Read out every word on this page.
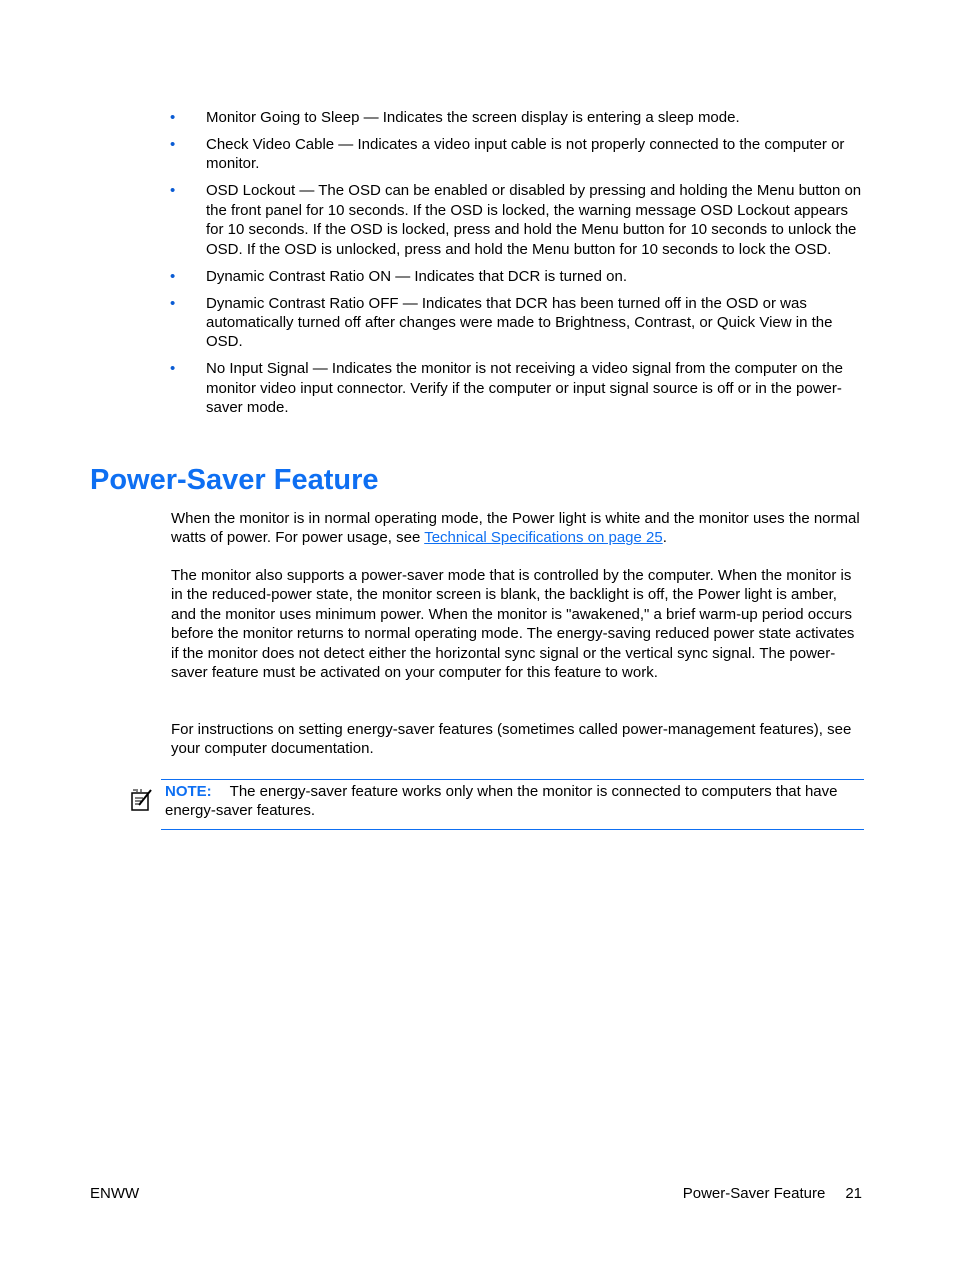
• Monitor Going to Sleep — Indicates the screen display is entering a sleep mode.
• Check Video Cable — Indicates a video input cable is not properly connected to the computer or monitor.
• OSD Lockout — The OSD can be enabled or disabled by pressing and holding the Menu button on the front panel for 10 seconds. If the OSD is locked, the warning message OSD Lockout appears for 10 seconds. If the OSD is locked, press and hold the Menu button for 10 seconds to unlock the OSD. If the OSD is unlocked, press and hold the Menu button for 10 seconds to lock the OSD.
• Dynamic Contrast Ratio ON — Indicates that DCR is turned on.
• Dynamic Contrast Ratio OFF — Indicates that DCR has been turned off in the OSD or was automatically turned off after changes were made to Brightness, Contrast, or Quick View in the OSD.
• No Input Signal — Indicates the monitor is not receiving a video signal from the computer on the monitor video input connector. Verify if the computer or input signal source is off or in the power-saver mode.
Power-Saver Feature

When the monitor is in normal operating mode, the Power light is white and the monitor uses the normal watts of power. For power usage, see Technical Specifications on page 25.

The monitor also supports a power-saver mode that is controlled by the computer. When the monitor is in the reduced-power state, the monitor screen is blank, the backlight is off, the Power light is amber, and the monitor uses minimum power. When the monitor is "awakened," a brief warm-up period occurs before the monitor returns to normal operating mode. The energy-saving reduced power state activates if the monitor does not detect either the horizontal sync signal or the vertical sync signal. The power-saver feature must be activated on your computer for this feature to work.

For instructions on setting energy-saver features (sometimes called power-management features), see your computer documentation.

NOTE: The energy-saver feature works only when the monitor is connected to computers that have energy-saver features.
ENWW	Power-Saver Feature 21
